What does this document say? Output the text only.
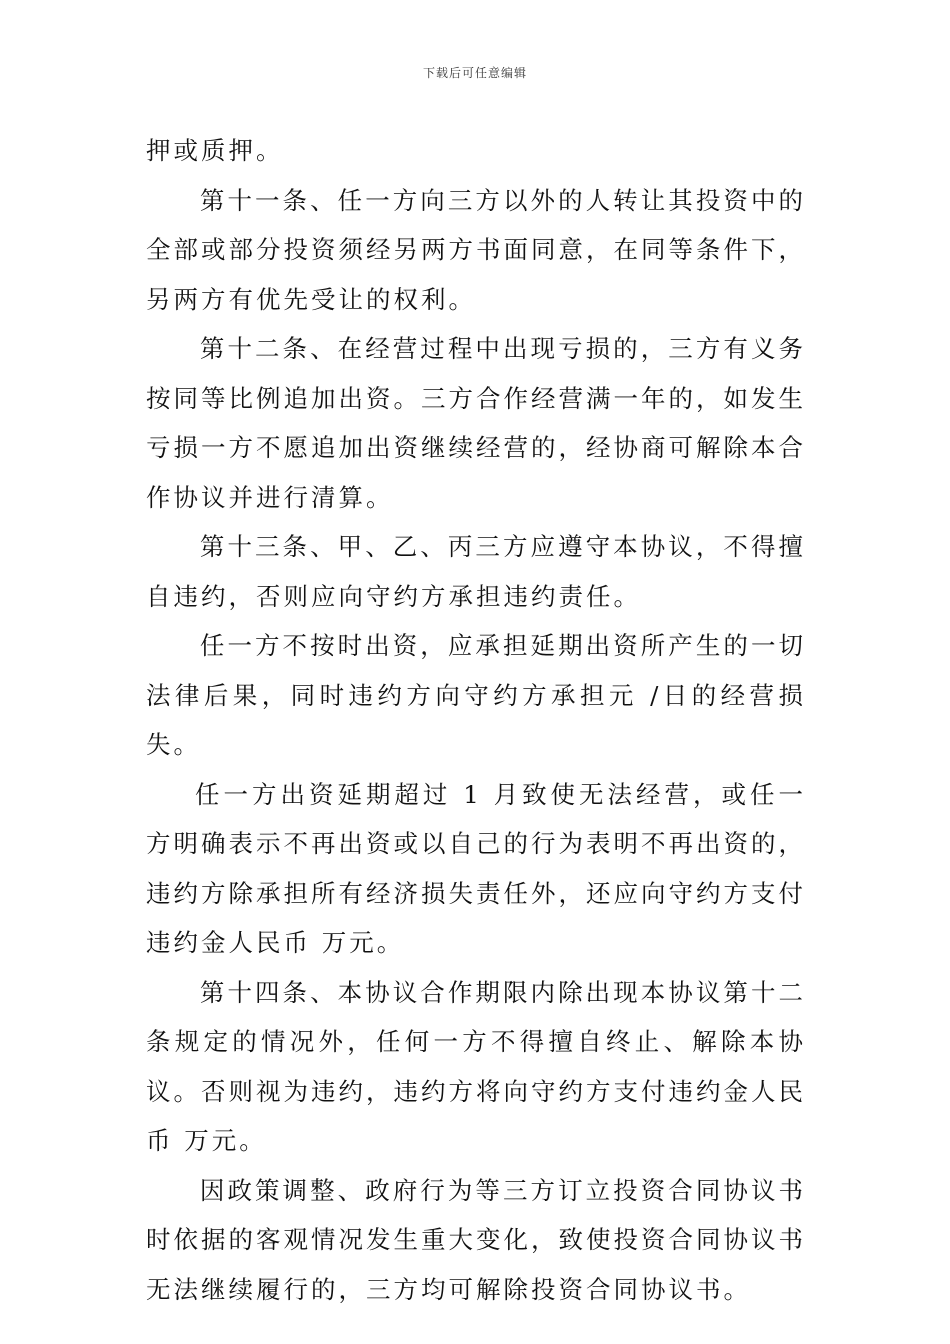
下载后可任意编辑

押或质押。

第十一条、任一方向三方以外的人转让其投资中的全部或部分投资须经另两方书面同意，在同等条件下，另两方有优先受让的权利。

第十二条、在经营过程中出现亏损的，三方有义务按同等比例追加出资。三方合作经营满一年的，如发生亏损一方不愿追加出资继续经营的，经协商可解除本合作协议并进行清算。

第十三条、甲、乙、丙三方应遵守本协议，不得擅自违约，否则应向守约方承担违约责任。

任一方不按时出资，应承担延期出资所产生的一切法律后果，同时违约方向守约方承担元 /日的经营损失。

任一方出资延期超过 1 月致使无法经营，或任一方明确表示不再出资或以自己的行为表明不再出资的，违约方除承担所有经济损失责任外，还应向守约方支付违约金人民币 万元。

第十四条、本协议合作期限内除出现本协议第十二条规定的情况外，任何一方不得擅自终止、解除本协议。否则视为违约，违约方将向守约方支付违约金人民币 万元。

因政策调整、政府行为等三方订立投资合同协议书时依据的客观情况发生重大变化，致使投资合同协议书无法继续履行的，三方均可解除投资合同协议书。
